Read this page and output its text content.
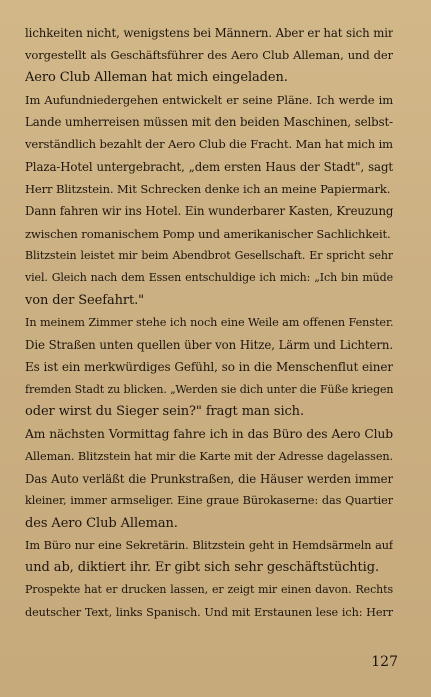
lichkeiten nicht, wenigstens bei Männern. Aber er hat sich mir
vorgestellt als Geschäftsführer des Aero Club Alleman, und der
Aero Club Alleman hat mich eingeladen.
Im Aufundniedergehen entwickelt er seine Pläne. Ich werde im
Lande umherreisen müssen mit den beiden Maschinen, selbst-
verständlich bezahlt der Aero Club die Fracht. Man hat mich im
Plaza-Hotel untergebracht, „dem ersten Haus der Stadt", sagt
Herr Blitzstein. Mit Schrecken denke ich an meine Papiermark.
Dann fahren wir ins Hotel. Ein wunderbarer Kasten, Kreuzung
zwischen romanischem Pomp und amerikanischer Sachlichkeit.
Blitzstein leistet mir beim Abendbrot Gesellschaft. Er spricht sehr
viel. Gleich nach dem Essen entschuldige ich mich: „Ich bin müde
von der Seefahrt."
In meinem Zimmer stehe ich noch eine Weile am offenen Fenster.
Die Straßen unten quellen über von Hitze, Lärm und Lichtern.
Es ist ein merkwürdiges Gefühl, so in die Menschenflut einer
fremden Stadt zu blicken. „Werden sie dich unter die Füße kriegen
oder wirst du Sieger sein?" fragt man sich.
Am nächsten Vormittag fahre ich in das Büro des Aero Club
Alleman. Blitzstein hat mir die Karte mit der Adresse dagelassen.
Das Auto verläßt die Prunkstraßen, die Häuser werden immer
kleiner, immer armseliger. Eine graue Bürokaserne: das Quartier
des Aero Club Alleman.
Im Büro nur eine Sekretärin. Blitzstein geht in Hemdsärmeln auf
und ab, diktiert ihr. Er gibt sich sehr geschäftstüchtig.
Prospekte hat er drucken lassen, er zeigt mir einen davon. Rechts
deutscher Text, links Spanisch. Und mit Erstaunen lese ich: Herr
127
